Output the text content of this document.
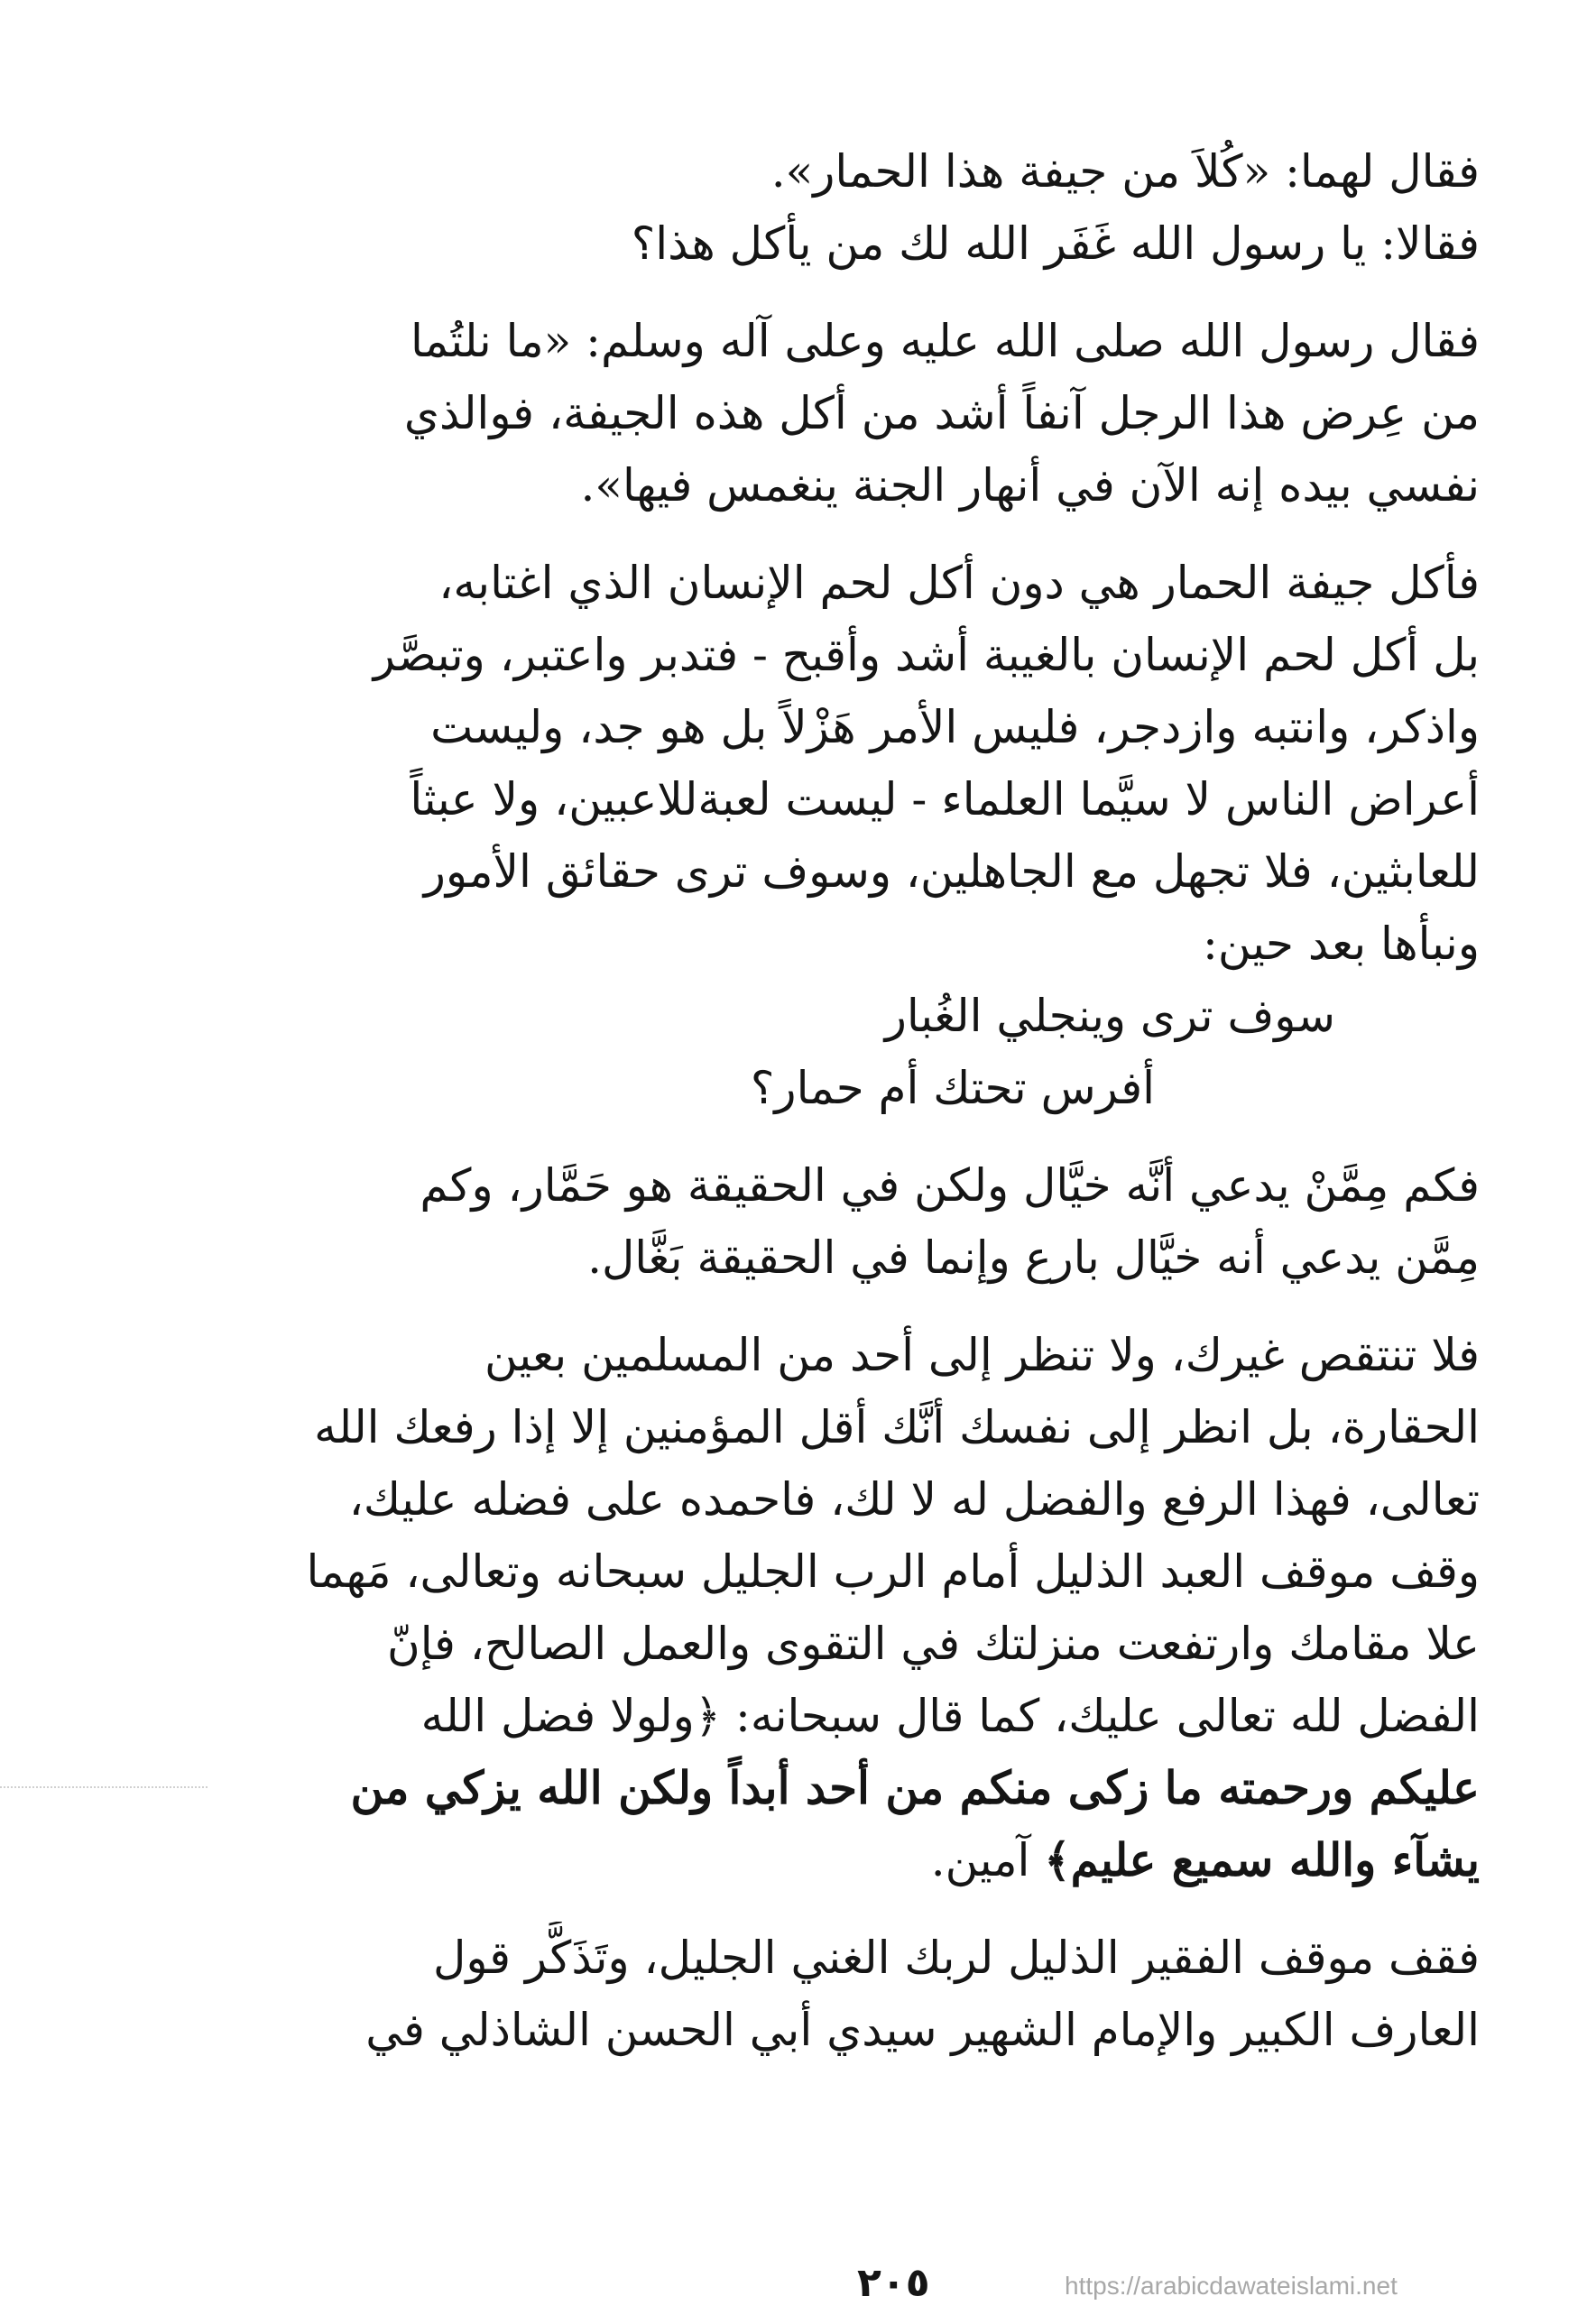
فقال لهما: «كُلاَ من جيفة هذا الحمار».
فقالا: يا رسول الله غَفَر الله لك من يأكل هذا؟
فقال رسول الله صلى الله عليه وعلى آله وسلم: «ما نلتُما
من عِرض هذا الرجل آنفاً أشد من أكل هذه الجيفة، فوالذي
نفسي بيده إنه الآن في أنهار الجنة ينغمس فيها».
فأكل جيفة الحمار هي دون أكل لحم الإنسان الذي اغتابه،
بل أكل لحم الإنسان بالغيبة أشد وأقبح - فتدبر واعتبر، وتبصَّر
واذكر، وانتبه وازدجر، فليس الأمر هَزْلاً بل هو جد، وليست
أعراض الناس لا سيَّما العلماء - ليست لعبةللاعبين، ولا عبثاً
للعابثين، فلا تجهل مع الجاهلين، وسوف ترى حقائق الأمور
ونبأها بعد حين:
سوف ترى وينجلي الغُبار
أفرس تحتك أم حمار؟
فكم مِمَّنْ يدعي أنَّه خيَّال ولكن في الحقيقة هو حَمَّار، وكم
مِمَّن يدعي أنه خيَّال بارع وإنما في الحقيقة بَغَّال.
فلا تنتقص غيرك، ولا تنظر إلى أحد من المسلمين بعين
الحقارة، بل انظر إلى نفسك أنَّك أقل المؤمنين إلا إذا رفعك الله
تعالى، فهذا الرفع والفضل له لا لك، فاحمده على فضله عليك،
وقف موقف العبد الذليل أمام الرب الجليل سبحانه وتعالى، مَهما
علا مقامك وارتفعت منزلتك في التقوى والعمل الصالح، فإنّ
الفضل لله تعالى عليك، كما قال سبحانه: ﴿ولولا فضل الله
عليكم ورحمته ما زكى منكم من أحد أبداً ولكن الله يزكي من
يشآء والله سميع عليم﴾ آمين.
فقف موقف الفقير الذليل لربك الغني الجليل، وتَذَكَّر قول
العارف الكبير والإمام الشهير سيدي أبي الحسن الشاذلي في
٢٠٥	https://arabicdawateislami.net
